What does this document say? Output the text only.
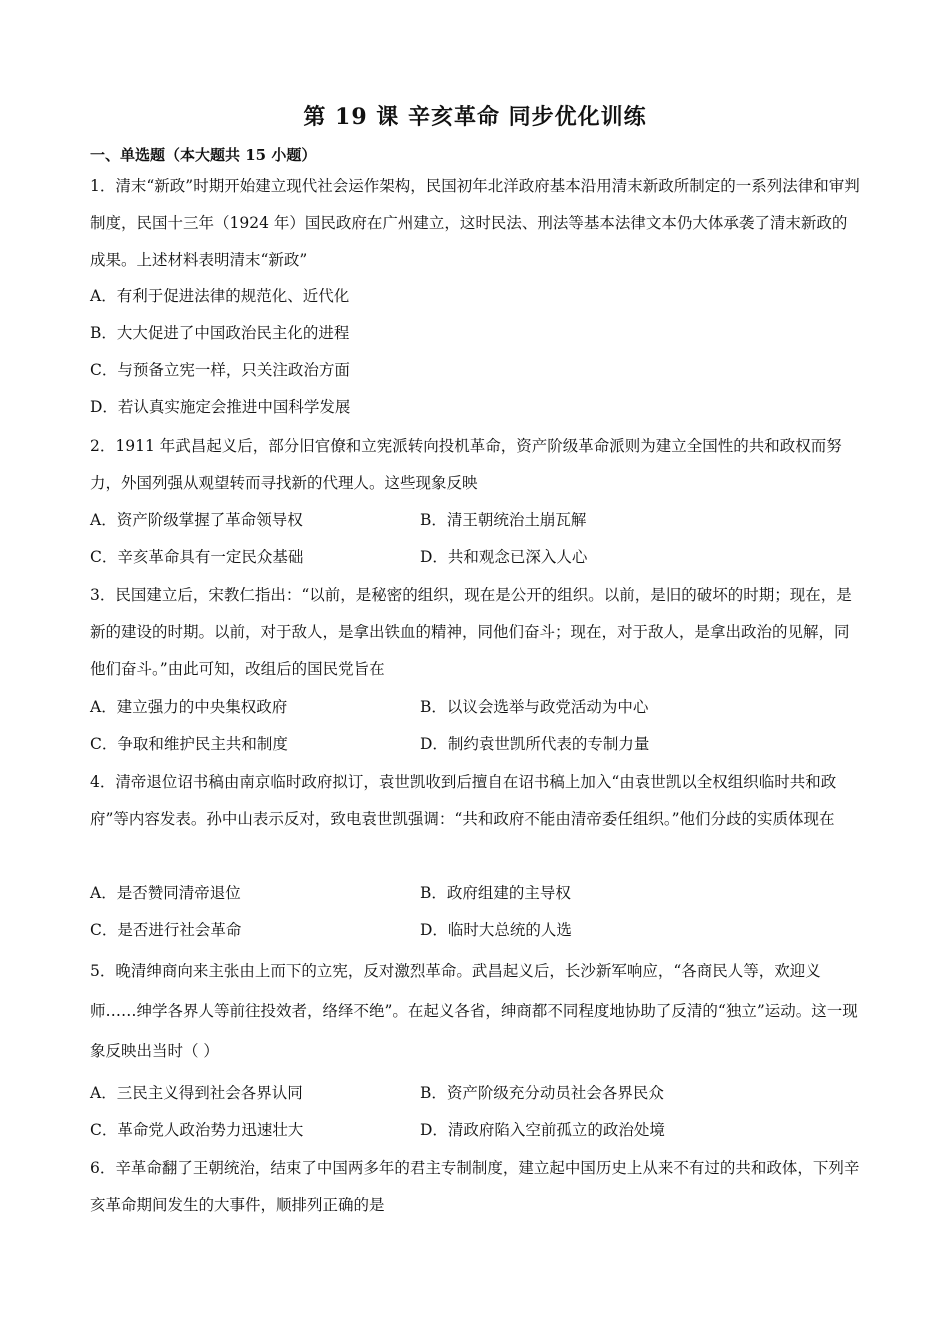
第 19 课 辛亥革命 同步优化训练
一、单选题（本大题共 15 小题）
1．清末“新政”时期开始建立现代社会运作架构，民国初年北洋政府基本沿用清末新政所制定的一系列法律和审判制度，民国十三年（1924 年）国民政府在广州建立，这时民法、刑法等基本法律文本仍大体承袭了清末新政的成果。上述材料表明清末“新政”
A．有利于促进法律的规范化、近代化
B．大大促进了中国政治民主化的进程
C．与预备立宪一样，只关注政治方面
D．若认真实施定会推进中国科学发展
2．1911 年武昌起义后，部分旧官僚和立宪派转向投机革命，资产阶级革命派则为建立全国性的共和政权而努力，外国列强从观望转而寻找新的代理人。这些现象反映
A．资产阶级掌握了革命领导权	B．清王朝统治土崩瓦解
C．辛亥革命具有一定民众基础	D．共和观念已深入人心
3．民国建立后，宋教仁指出：“以前，是秘密的组织，现在是公开的组织。以前，是旧的破坏的时期；现在，是新的建设的时期。以前，对于敌人，是拿出铁血的精神，同他们奋斗；现在，对于敌人，是拿出政治的见解，同他们奋斗。”由此可知，改组后的国民党旨在
A．建立强力的中央集权政府	B．以议会选举与政党活动为中心
C．争取和维护民主共和制度	D．制约袁世凯所代表的专制力量
4．清帝退位诏书稿由南京临时政府拟订，袁世凯收到后擅自在诏书稿上加入“由袁世凯以全权组织临时共和政府”等内容发表。孙中山表示反对，致电袁世凯强调：“共和政府不能由清帝委任组织。”他们分歧的实质体现在
A．是否赞同清帝退位	B．政府组建的主导权
C．是否进行社会革命	D．临时大总统的人选
5．晚清绅商向来主张由上而下的立宪，反对激烈革命。武昌起义后，长沙新军响应，“各商民人等，欢迎义师……绅学各界人等前往投效者，络绎不绝”。在起义各省，绅商都不同程度地协助了反清的“独立”运动。这一现象反映出当时（ ）
A．三民主义得到社会各界认同	B．资产阶级充分动员社会各界民众
C．革命党人政治势力迅速壮大	D．清政府陷入空前孤立的政治处境
6．辛革命翻了王朝统治，结束了中国两多年的君主专制制度，建立起中国历史上从来不有过的共和政体，下列辛亥革命期间发生的大事件，顺排列正确的是
